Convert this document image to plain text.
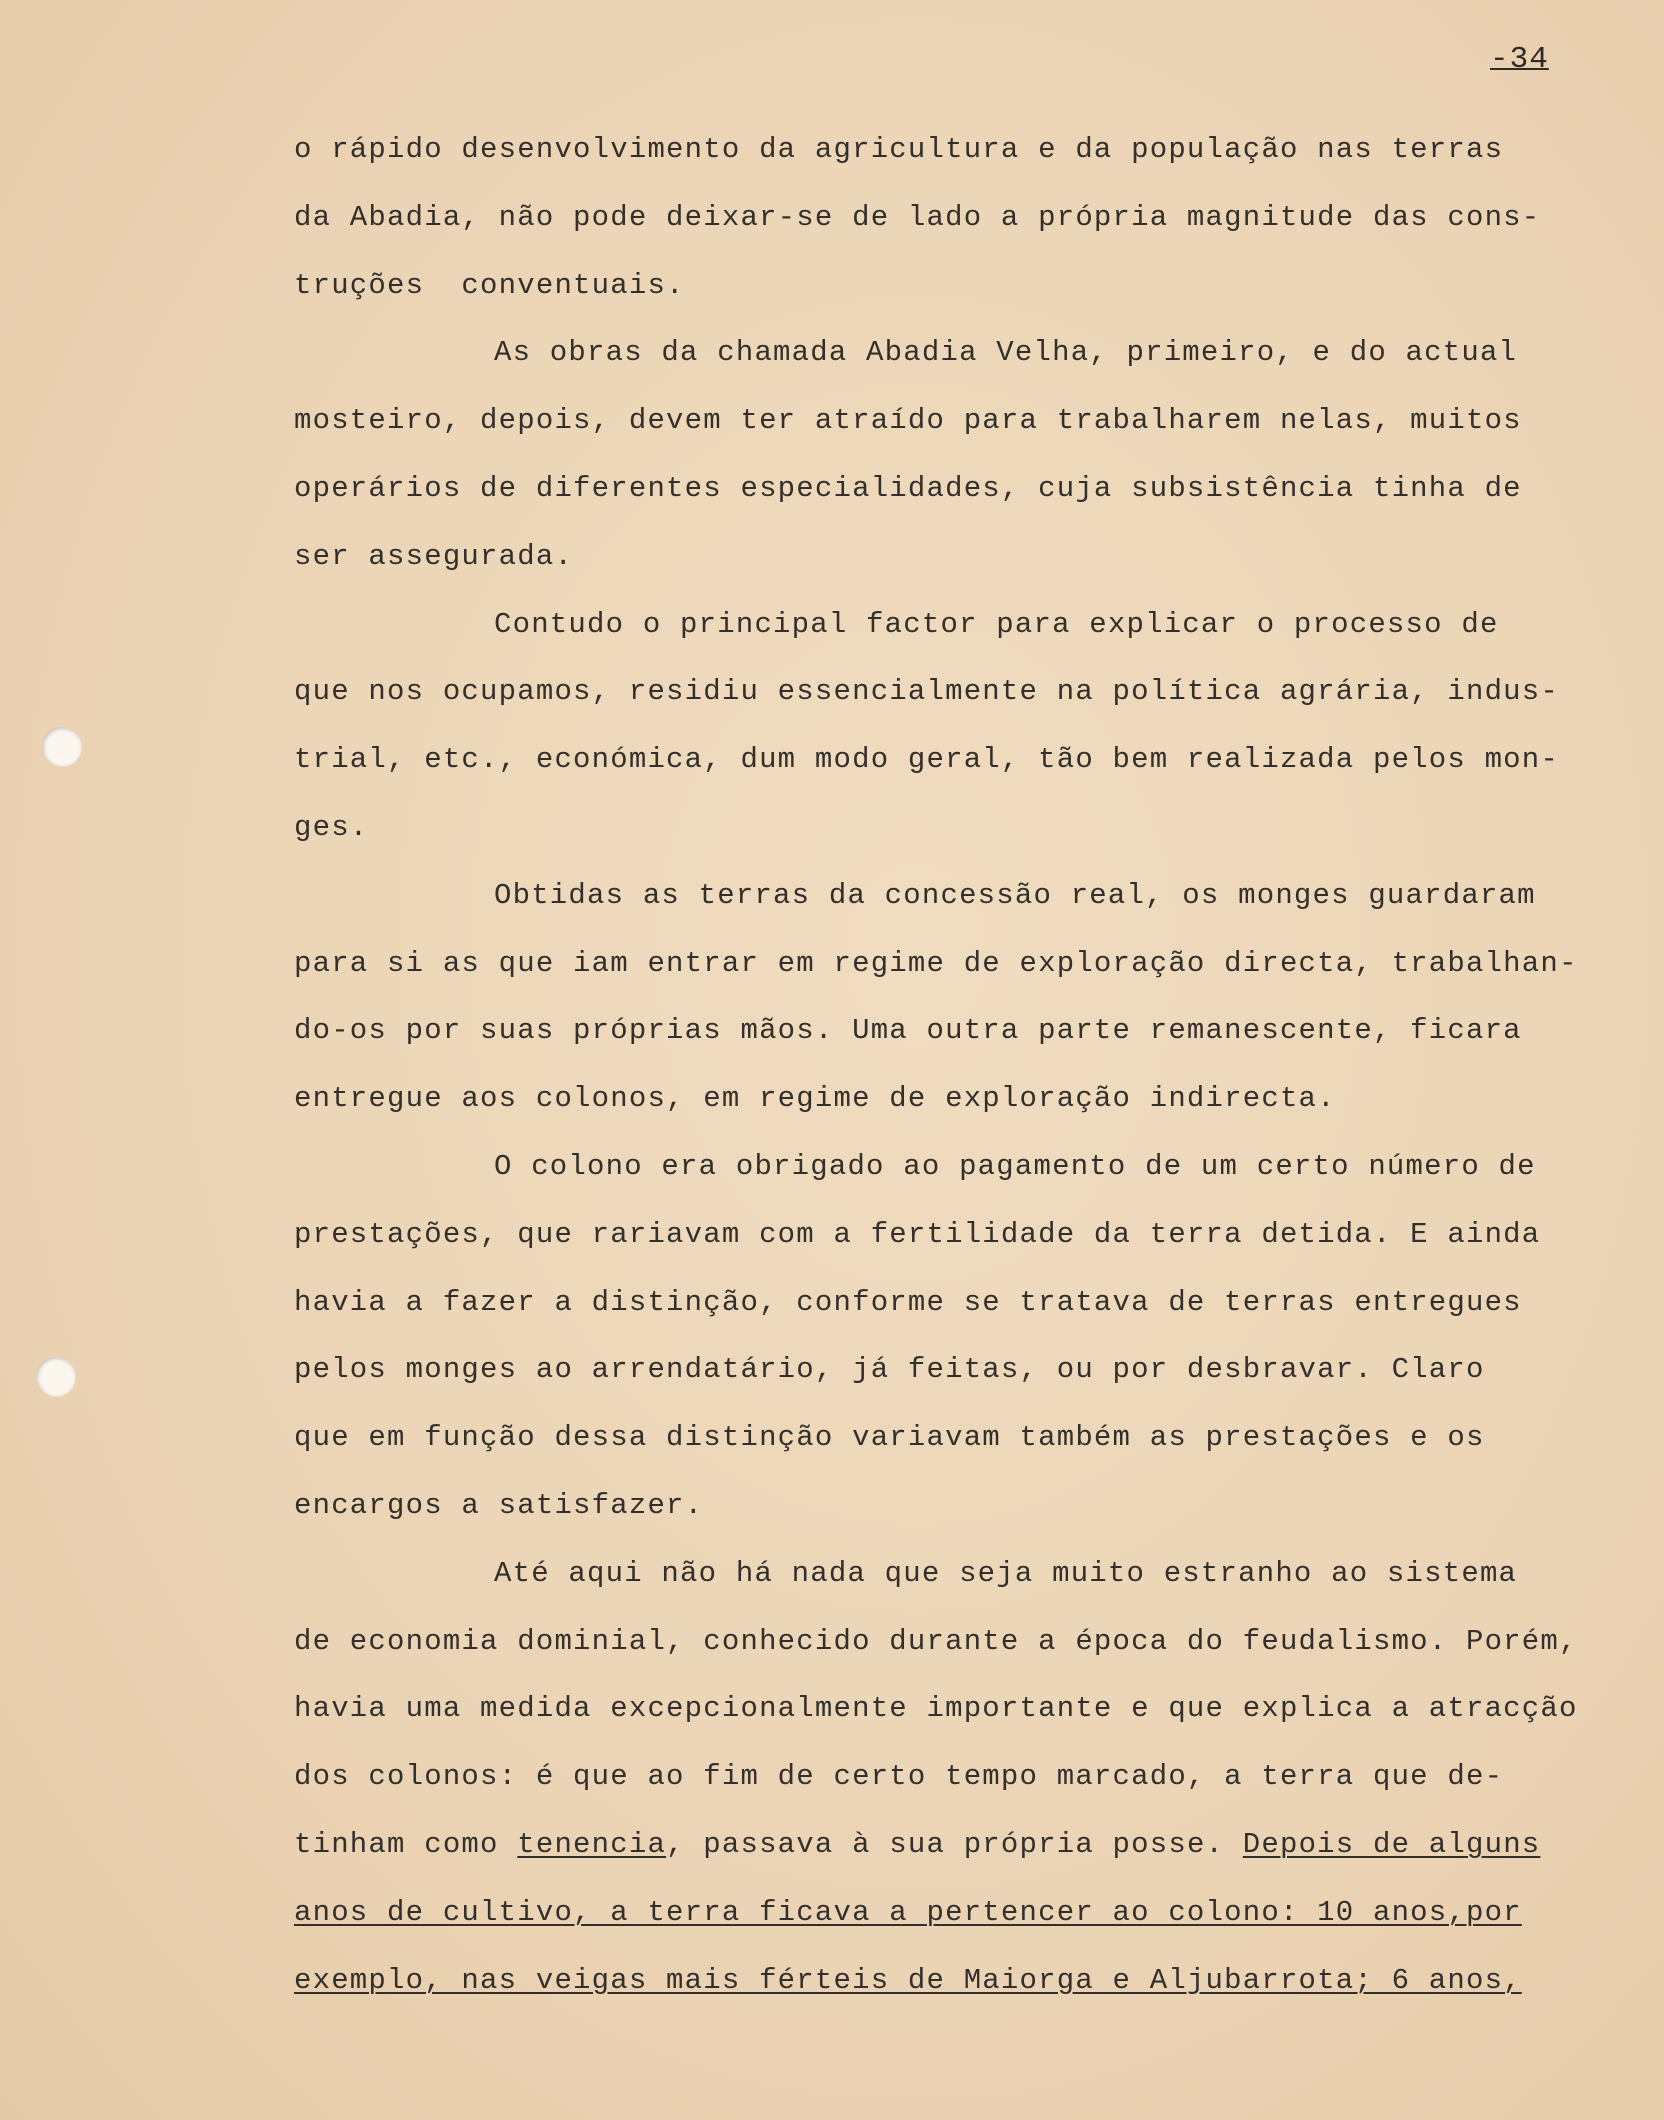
-34
o rápido desenvolvimento da agricultura e da população nas terras
da Abadia, não pode deixar-se de lado a própria magnitude das cons-
truções  conventuais.
As obras da chamada Abadia Velha, primeiro, e do actual
mosteiro, depois, devem ter atraído para trabalharem nelas, muitos
operários de diferentes especialidades, cuja subsistência tinha de
ser assegurada.
Contudo o principal factor para explicar o processo de
que nos ocupamos, residiu essencialmente na política agrária, indus-
trial, etc., económica, dum modo geral, tão bem realizada pelos mon-
ges.
Obtidas as terras da concessão real, os monges guardaram
para si as que iam entrar em regime de exploração directa, trabalhan-
do-os por suas próprias mãos. Uma outra parte remanescente, ficara
entregue aos colonos, em regime de exploração indirecta.
O colono era obrigado ao pagamento de um certo número de
prestações, que rariavam com a fertilidade da terra detida. E ainda
havia a fazer a distinção, conforme se tratava de terras entregues
pelos monges ao arrendatário, já feitas, ou por desbravar. Claro
que em função dessa distinção variavam também as prestações e os
encargos a satisfazer.
Até aqui não há nada que seja muito estranho ao sistema
de economia dominial, conhecido durante a época do feudalismo. Porém,
havia uma medida excepcionalmente importante e que explica a atracção
dos colonos: é que ao fim de certo tempo marcado, a terra que de-
tinham como tenencia, passava à sua própria posse. Depois de alguns
anos de cultivo, a terra ficava a pertencer ao colono: 10 anos,por
exemplo, nas veigas mais férteis de Maiorga e Aljubarrota; 6 anos,
